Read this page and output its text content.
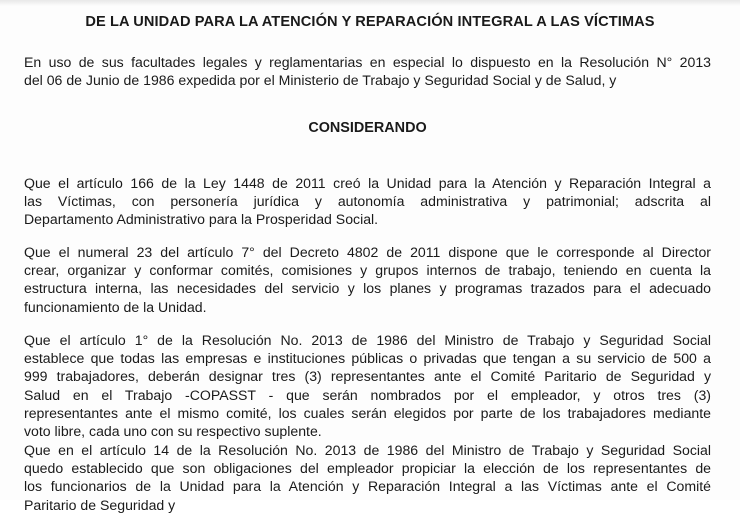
DE LA UNIDAD PARA LA ATENCIÓN Y REPARACIÓN INTEGRAL A LAS VÍCTIMAS
En uso de sus facultades legales y reglamentarias en especial lo dispuesto en la Resolución N° 2013
del 06 de Junio de 1986 expedida por el Ministerio de Trabajo y Seguridad Social y de Salud, y
CONSIDERANDO
Que el artículo 166 de la Ley 1448 de 2011 creó la Unidad para la Atención y Reparación Integral a
las Víctimas, con personería jurídica y autonomía administrativa y patrimonial; adscrita al
Departamento Administrativo para la Prosperidad Social.
Que el numeral 23 del artículo 7° del Decreto 4802 de 2011 dispone que le corresponde al Director
crear, organizar y conformar comités, comisiones y grupos internos de trabajo, teniendo en cuenta la
estructura interna, las necesidades del servicio y los planes y programas trazados para el adecuado
funcionamiento de la Unidad.
Que el artículo 1° de la Resolución No. 2013 de 1986 del Ministro de Trabajo y Seguridad Social
establece que todas las empresas e instituciones públicas o privadas que tengan a su servicio de 500 a
999 trabajadores, deberán designar tres (3) representantes ante el Comité Paritario de Seguridad y
Salud en el Trabajo -COPASST - que serán nombrados por el empleador, y otros tres (3)
representantes ante el mismo comité, los cuales serán elegidos por parte de los trabajadores mediante
voto libre, cada uno con su respectivo suplente.
Que en el artículo 14 de la Resolución No. 2013 de 1986 del Ministro de Trabajo y Seguridad Social
quedo establecido que son obligaciones del empleador propiciar la elección de los representantes de
los funcionarios de la Unidad para la Atención y Reparación Integral a las Víctimas ante el Comité
Paritario de Seguridad y
